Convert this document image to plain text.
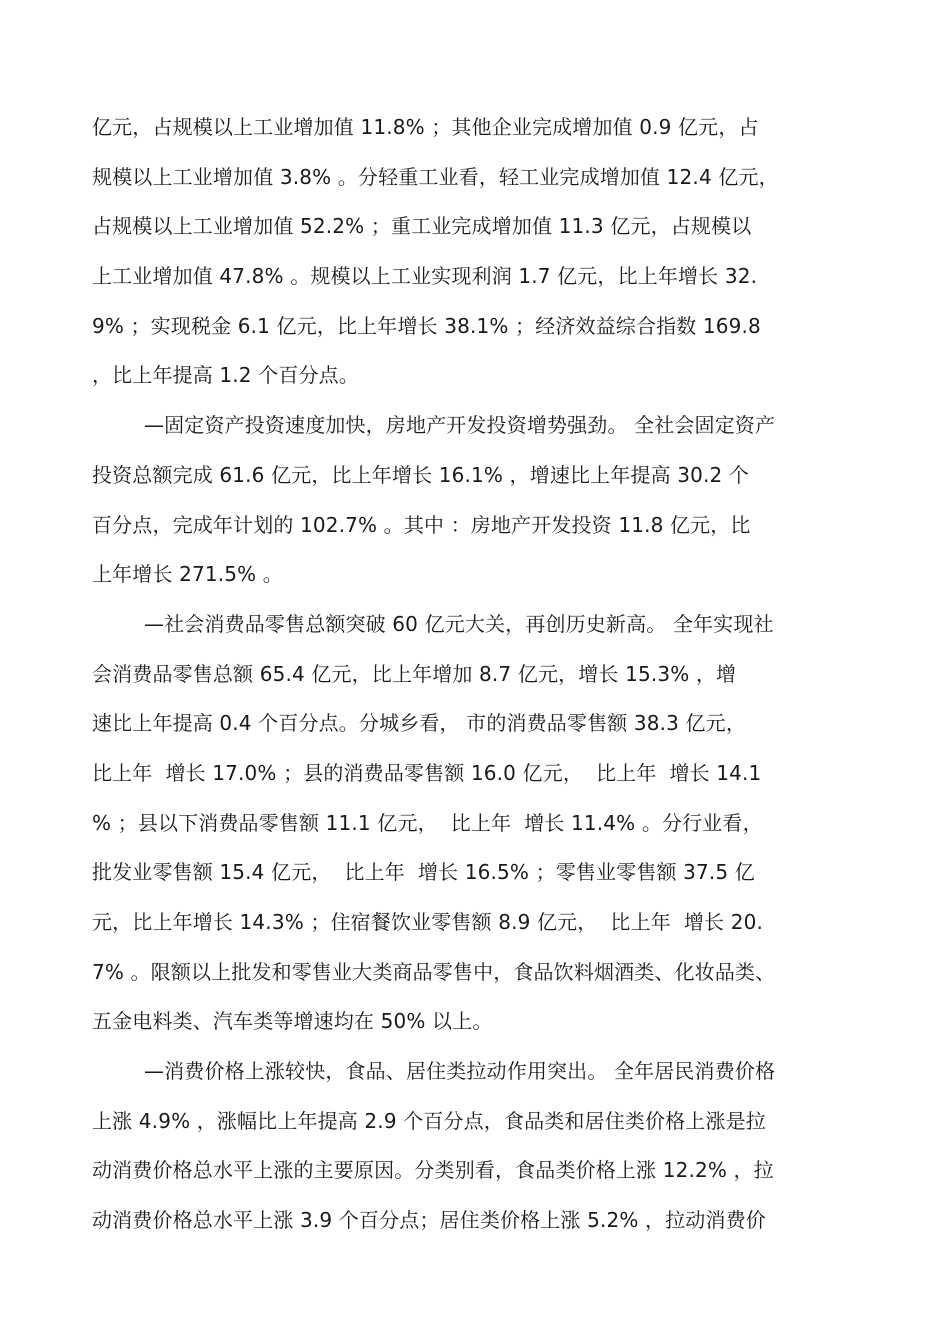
亿元，占规模以上工业增加值 11.8% ；其他企业完成增加值 0.9 亿元，占
规模以上工业增加值 3.8% 。分轻重工业看，轻工业完成增加值 12.4 亿元，
占规模以上工业增加值 52.2% ；重工业完成增加值 11.3 亿元，占规模以
上工业增加值 47.8% 。规模以上工业实现利润 1.7 亿元，比上年增长 32.
9% ；实现税金 6.1 亿元，比上年增长 38.1% ；经济效益综合指数 169.8
，比上年提高 1.2 个百分点。
—固定资产投资速度加快，房地产开发投资增势强劲。 全社会固定资产
投资总额完成 61.6 亿元，比上年增长 16.1% ，增速比上年提高 30.2 个
百分点，完成年计划的 102.7% 。其中 ：房地产开发投资 11.8 亿元，比
上年增长 271.5% 。
—社会消费品零售总额突破 60 亿元大关，再创历史新高。 全年实现社
会消费品零售总额 65.4 亿元，比上年增加 8.7 亿元，增长 15.3% ，增
速比上年提高 0.4 个百分点。分城乡看， 市的消费品零售额 38.3 亿元，
比上年  增长 17.0% ；县的消费品零售额 16.0 亿元，  比上年  增长 14.1
% ；县以下消费品零售额 11.1 亿元，  比上年  增长 11.4% 。分行业看，
批发业零售额 15.4 亿元，  比上年  增长 16.5% ；零售业零售额 37.5 亿
元，比上年增长 14.3% ；住宿餐饮业零售额 8.9 亿元，  比上年  增长 20.
7% 。限额以上批发和零售业大类商品零售中，食品饮料烟酒类、化妆品类、
五金电料类、汽车类等增速均在 50% 以上。
—消费价格上涨较快，食品、居住类拉动作用突出。 全年居民消费价格
上涨 4.9% ，涨幅比上年提高 2.9 个百分点，食品类和居住类价格上涨是拉
动消费价格总水平上涨的主要原因。分类别看，食品类价格上涨 12.2% ，拉
动消费价格总水平上涨 3.9 个百分点；居住类价格上涨 5.2% ，拉动消费价
